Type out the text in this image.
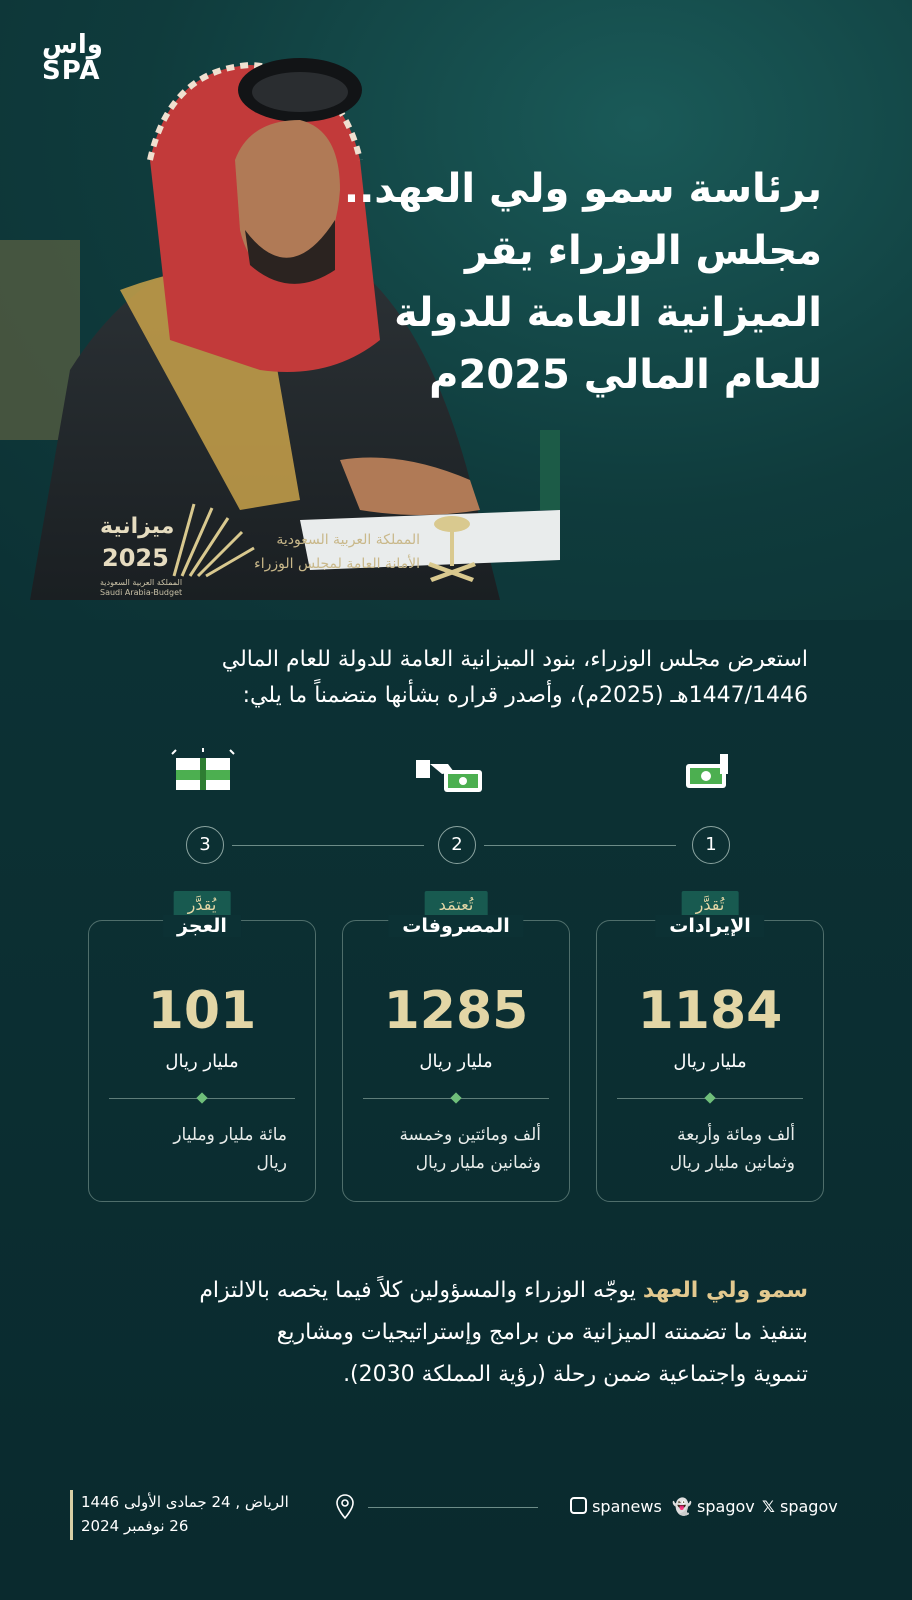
واس
SPA
برئاسة سمو ولي العهد..
مجلس الوزراء يقر
الميزانية العامة للدولة
للعام المالي 2025م
ميزانية
2025
المملكة العربية السعودية
Saudi Arabia-Budget
المملكة العربية السعودية
الأمانة العامة لمجلس الوزراء
استعرض مجلس الوزراء، بنود الميزانية العامة للدولة للعام المالي
1447/1446هـ (2025م)، وأصدر قراره بشأنها متضمناً ما يلي:
1
2
3
تُقدَّر
الإيرادات
1184
مليار ريال
ألف ومائة وأربعة
وثمانين مليار ريال
تُعتمَد
المصروفات
1285
مليار ريال
ألف ومائتين وخمسة
وثمانين مليار ريال
يُقدَّر
العجز
101
مليار ريال
مائة مليار ومليار
ريال
سمو ولي العهد يوجّه الوزراء والمسؤولين كلاً فيما يخصه بالالتزام
بتنفيذ ما تضمنته الميزانية من برامج وإستراتيجيات ومشاريع
تنموية واجتماعية ضمن رحلة (رؤية المملكة 2030).
الرياض , 24 جمادى الأولى 1446
26 نوفمبر 2024
spanews 👻 spagov 𝕏 spagov
